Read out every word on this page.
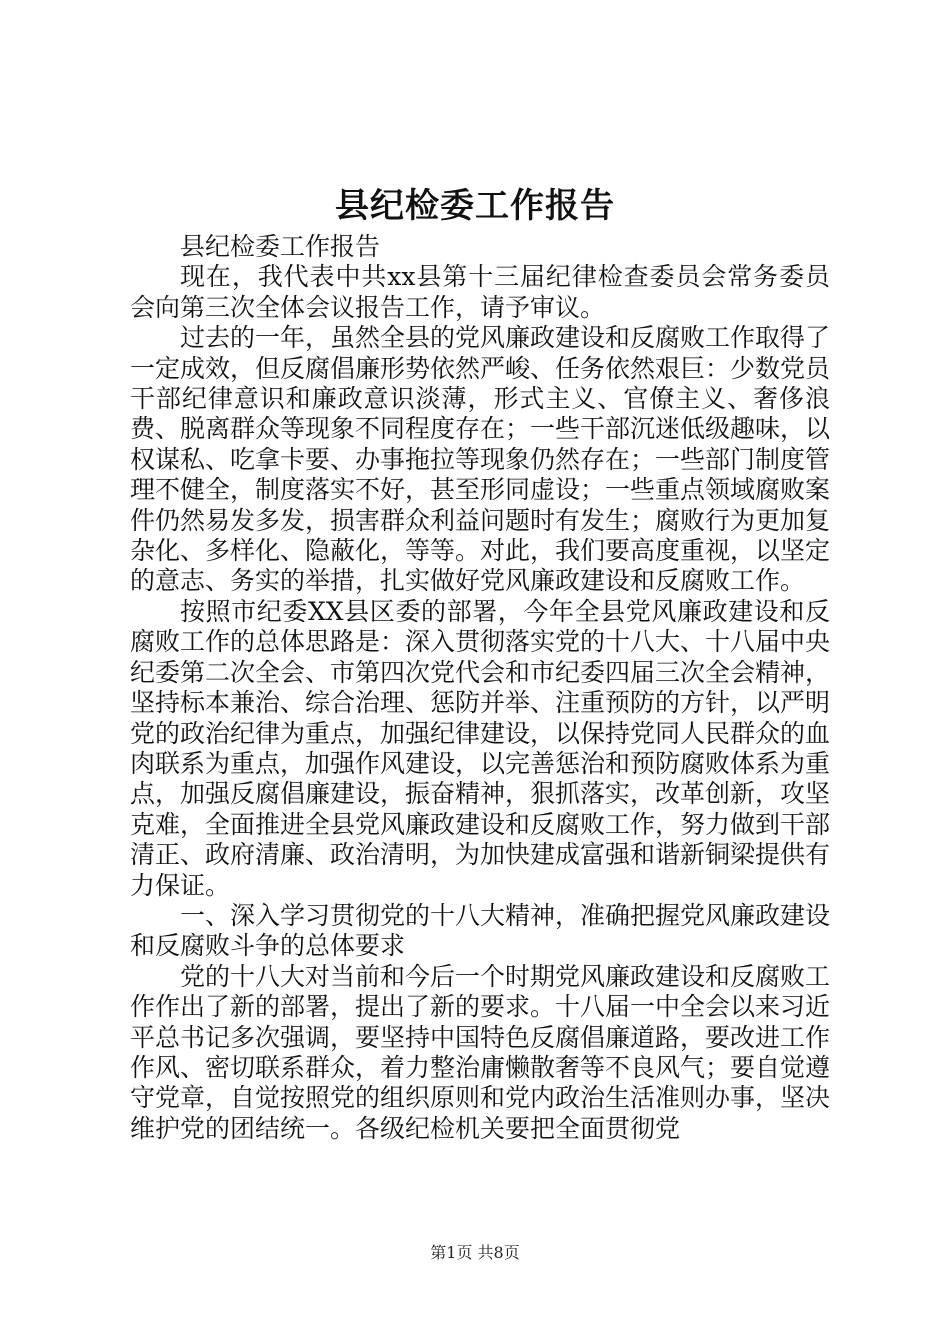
县纪检委工作报告

县纪检委工作报告

现在，我代表中共xx县第十三届纪律检查委员会常务委员会向第三次全体会议报告工作，请予审议。

过去的一年，虽然全县的党风廉政建设和反腐败工作取得了一定成效，但反腐倡廉形势依然严峻、任务依然艰巨：少数党员干部纪律意识和廉政意识淡薄，形式主义、官僚主义、奢侈浪费、脱离群众等现象不同程度存在；一些干部沉迷低级趣味，以权谋私、吃拿卡要、办事拖拉等现象仍然存在；一些部门制度管理不健全，制度落实不好，甚至形同虚设；一些重点领域腐败案件仍然易发多发，损害群众利益问题时有发生；腐败行为更加复杂化、多样化、隐蔽化，等等。对此，我们要高度重视，以坚定的意志、务实的举措，扎实做好党风廉政建设和反腐败工作。

按照市纪委XX县区委的部署，今年全县党风廉政建设和反腐败工作的总体思路是：深入贯彻落实党的十八大、十八届中央纪委第二次全会、市第四次党代会和市纪委四届三次全会精神，坚持标本兼治、综合治理、惩防并举、注重预防的方针，以严明党的政治纪律为重点，加强纪律建设，以保持党同人民群众的血肉联系为重点，加强作风建设，以完善惩治和预防腐败体系为重点，加强反腐倡廉建设，振奋精神，狠抓落实，改革创新，攻坚克难，全面推进全县党风廉政建设和反腐败工作，努力做到干部清正、政府清廉、政治清明，为加快建成富强和谐新铜梁提供有力保证。

一、深入学习贯彻党的十八大精神，准确把握党风廉政建设和反腐败斗争的总体要求

党的十八大对当前和今后一个时期党风廉政建设和反腐败工作作出了新的部署，提出了新的要求。十八届一中全会以来习近平总书记多次强调，要坚持中国特色反腐倡廉道路，要改进工作作风、密切联系群众，着力整治庸懒散奢等不良风气；要自觉遵守党章，自觉按照党的组织原则和党内政治生活准则办事，坚决维护党的团结统一。各级纪检机关要把全面贯彻党

第1页 共8页
